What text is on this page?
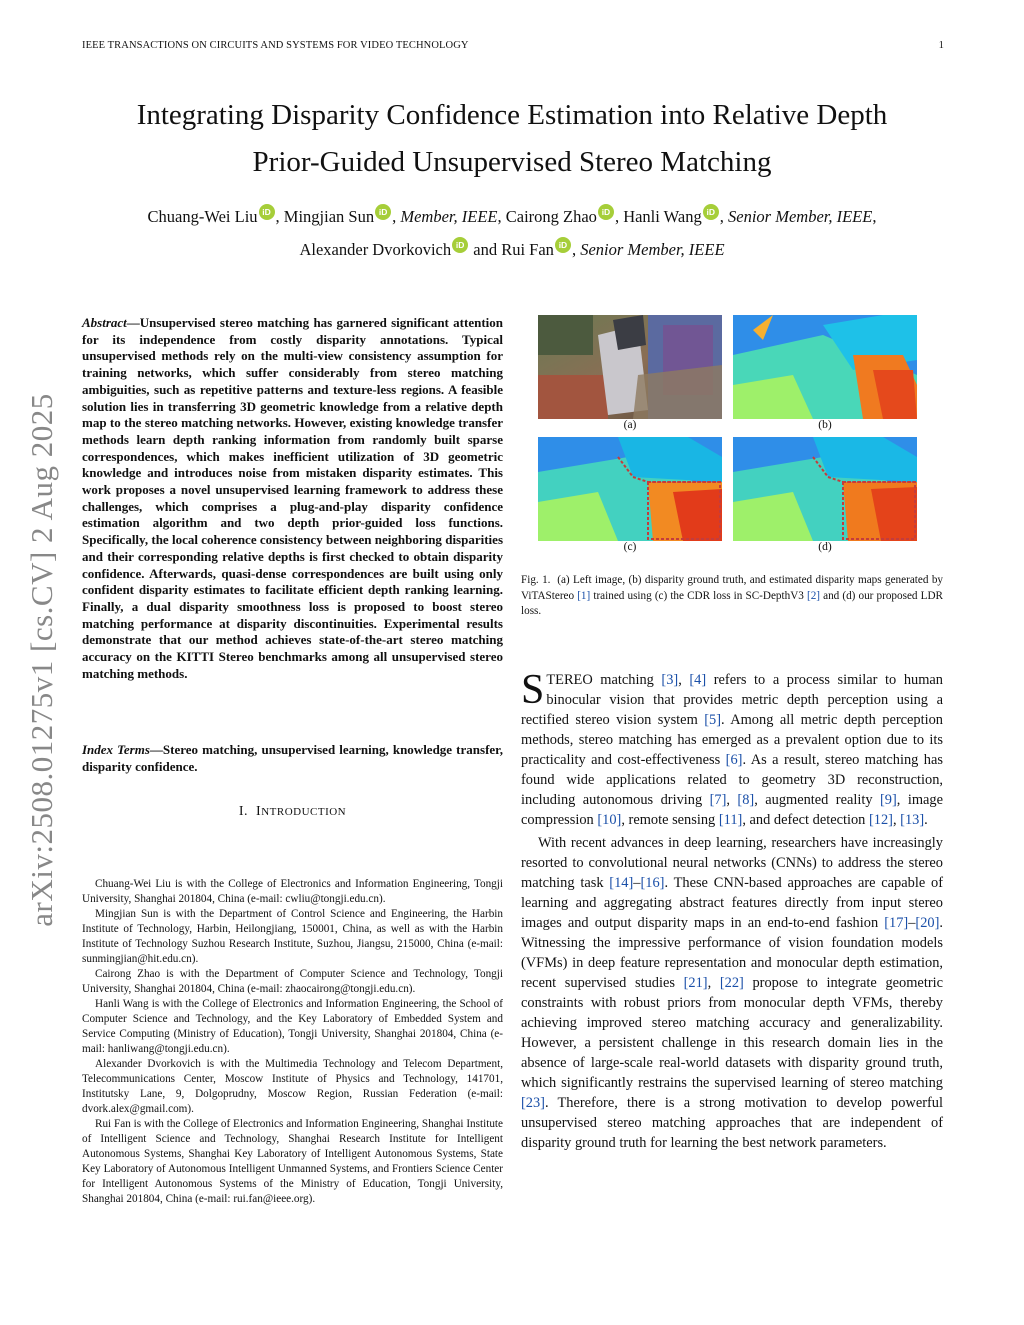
IEEE TRANSACTIONS ON CIRCUITS AND SYSTEMS FOR VIDEO TECHNOLOGY	1
Integrating Disparity Confidence Estimation into Relative Depth
Prior-Guided Unsupervised Stereo Matching
Chuang-Wei Liu iD , Mingjian Sun iD , Member, IEEE, Cairong Zhao iD , Hanli Wang iD , Senior Member, IEEE,
Alexander Dvorkovich iD and Rui Fan iD , Senior Member, IEEE
arXiv:2508.01275v1 [cs.CV] 2 Aug 2025
Abstract—Unsupervised stereo matching has garnered significant attention for its independence from costly disparity annotations. Typical unsupervised methods rely on the multi-view consistency assumption for training networks, which suffer considerably from stereo matching ambiguities, such as repetitive patterns and texture-less regions. A feasible solution lies in transferring 3D geometric knowledge from a relative depth map to the stereo matching networks. However, existing knowledge transfer methods learn depth ranking information from randomly built sparse correspondences, which makes inefficient utilization of 3D geometric knowledge and introduces noise from mistaken disparity estimates. This work proposes a novel unsupervised learning framework to address these challenges, which comprises a plug-and-play disparity confidence estimation algorithm and two depth prior-guided loss functions. Specifically, the local coherence consistency between neighboring disparities and their corresponding relative depths is first checked to obtain disparity confidence. Afterwards, quasi-dense correspondences are built using only confident disparity estimates to facilitate efficient depth ranking learning. Finally, a dual disparity smoothness loss is proposed to boost stereo matching performance at disparity discontinuities. Experimental results demonstrate that our method achieves state-of-the-art stereo matching accuracy on the KITTI Stereo benchmarks among all unsupervised stereo matching methods.
Index Terms—Stereo matching, unsupervised learning, knowledge transfer, disparity confidence.
I. INTRODUCTION

Chuang-Wei Liu is with the College of Electronics and Information Engineering, Tongji University, Shanghai 201804, China (e-mail: cwliu@tongji.edu.cn).

Mingjian Sun is with the Department of Control Science and Engineering, the Harbin Institute of Technology, Harbin, Heilongjiang, 150001, China, as well as with the Harbin Institute of Technology Suzhou Research Institute, Suzhou, Jiangsu, 215000, China (e-mail: sunmingjian@hit.edu.cn).

Cairong Zhao is with the Department of Computer Science and Technology, Tongji University, Shanghai 201804, China (e-mail: zhaocairong@tongji.edu.cn).

Hanli Wang is with the College of Electronics and Information Engineering, the School of Computer Science and Technology, and the Key Laboratory of Embedded System and Service Computing (Ministry of Education), Tongji University, Shanghai 201804, China (e-mail: hanliwang@tongji.edu.cn).

Alexander Dvorkovich is with the Multimedia Technology and Telecom Department, Telecommunications Center, Moscow Institute of Physics and Technology, 141701, Institutsky Lane, 9, Dolgoprudny, Moscow Region, Russian Federation (e-mail: dvork.alex@gmail.com).

Rui Fan is with the College of Electronics and Information Engineering, Shanghai Institute of Intelligent Science and Technology, Shanghai Research Institute for Intelligent Autonomous Systems, Shanghai Key Laboratory of Intelligent Autonomous Systems, State Key Laboratory of Autonomous Intelligent Unmanned Systems, and Frontiers Science Center for Intelligent Autonomous Systems of the Ministry of Education, Tongji University, Shanghai 201804, China (e-mail: rui.fan@ieee.org).

(a)	(b)
(c)	(d)
Fig. 1. (a) Left image, (b) disparity ground truth, and estimated disparity maps generated by ViTAStereo [1] trained using (c) the CDR loss in SC-DepthV3 [2] and (d) our proposed LDR loss.

STEREO matching [3], [4] refers to a process similar to human binocular vision that provides metric depth perception using a rectified stereo vision system [5]. Among all metric depth perception methods, stereo matching has emerged as a prevalent option due to its practicality and cost-effectiveness [6]. As a result, stereo matching has found wide applications related to geometry 3D reconstruction, including autonomous driving [7], [8], augmented reality [9], image compression [10], remote sensing [11], and defect detection [12], [13].

With recent advances in deep learning, researchers have increasingly resorted to convolutional neural networks (CNNs) to address the stereo matching task [14]–[16]. These CNN-based approaches are capable of learning and aggregating abstract features directly from input stereo images and output disparity maps in an end-to-end fashion [17]–[20]. Witnessing the impressive performance of vision foundation models (VFMs) in deep feature representation and monocular depth estimation, recent supervised studies [21], [22] propose to integrate geometric constraints with robust priors from monocular depth VFMs, thereby achieving improved stereo matching accuracy and generalizability. However, a persistent challenge in this research domain lies in the absence of large-scale real-world datasets with disparity ground truth, which significantly restrains the supervised learning of stereo matching [23]. Therefore, there is a strong motivation to develop powerful unsupervised stereo matching approaches that are independent of disparity ground truth for learning the best network parameters.
